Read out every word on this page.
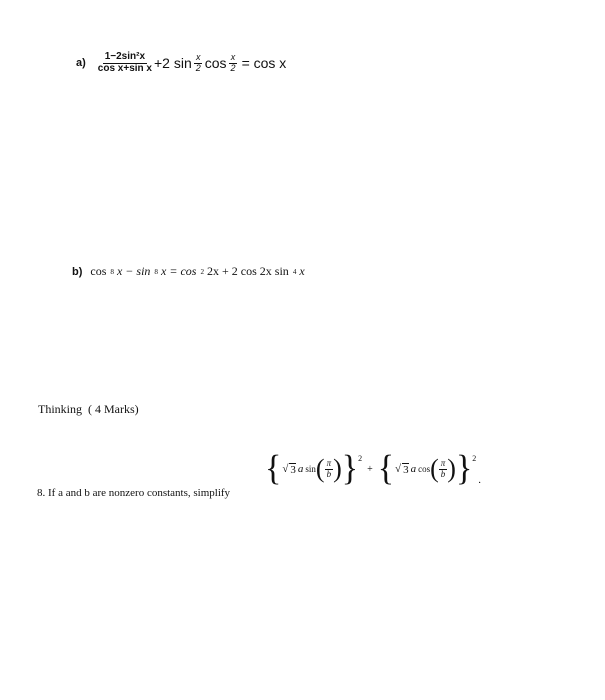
$a) \frac{\text{1−2sin²x}}{\text{cos x+sin x}} +2$ $\sin \frac{x}{2}$ $\cos \frac{x}{2} = \cos x$
b) cos 8 x − sin 8 x = cos 2 2x + 2 cos 2x sin 4 x
Thinking ( 4 Marks)
8. If a and b are nonzero constants, simplify
{ √ 3 a sin ( $\frac{\pi}{b}$ ) }$^2$
+ { √ 3 a cos ( $\frac{\pi}{b}$ ) }$^2$
.
